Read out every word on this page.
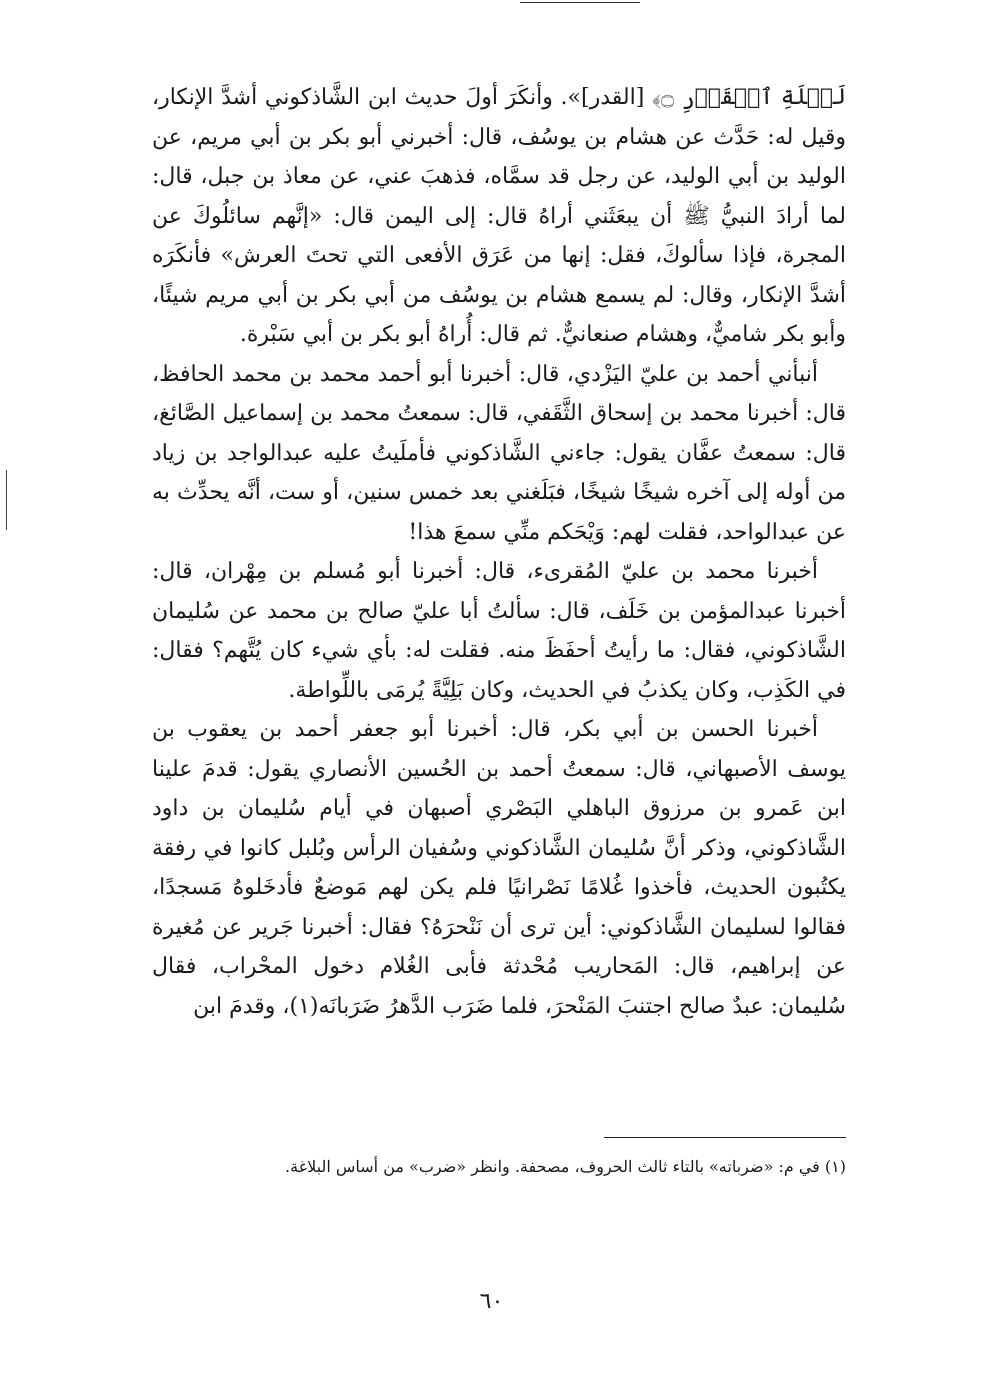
لَيۡلَةِ ٱلۡقَدۡرِ ۝﴾ [القدر]». وأنكَرَ أولَ حديث ابن الشَّاذكوني أشدَّ الإنكار، وقيل له: حَدَّث عن هشام بن يوسُف، قال: أخبرني أبو بكر بن أبي مريم، عن الوليد بن أبي الوليد، عن رجل قد سمَّاه، فذهبَ عني، عن معاذ بن جبل، قال: لما أرادَ النبيُّ ﷺ أن يبعَثَني أراهُ قال: إلى اليمن قال: «إنَّهم سائلُوكَ عن المجرة، فإذا سألوكَ، فقل: إنها من عَرَق الأفعى التي تحتَ العرش» فأنكَرَه أشدَّ الإنكار، وقال: لم يسمع هشام بن يوسُف من أبي بكر بن أبي مريم شيئًا، وأبو بكر شاميٌّ، وهشام صنعانيٌّ. ثم قال: أُراهُ أبو بكر بن أبي سَبْرة.

أنبأني أحمد بن عليّ اليَزْدي، قال: أخبرنا أبو أحمد محمد بن محمد الحافظ، قال: أخبرنا محمد بن إسحاق الثَّقَفي، قال: سمعتُ محمد بن إسماعيل الصَّائغ، قال: سمعتُ عفَّان يقول: جاءني الشَّاذكوني فأملَيتُ عليه عبدالواجد بن زياد من أوله إلى آخره شيخًا شيخًا، فبَلَغني بعد خمس سنين، أو ست، أنَّه يحدِّث به عن عبدالواحد، فقلت لهم: وَيْحَكم منِّي سمعَ هذا!

أخبرنا محمد بن عليّ المُقرىء، قال: أخبرنا أبو مُسلم بن مِهْران، قال: أخبرنا عبدالمؤمن بن خَلَف، قال: سألتُ أبا عليّ صالح بن محمد عن سُليمان الشَّاذكوني، فقال: ما رأيتُ أحفَظَ منه. فقلت له: بأي شيء كان يُتَّهم؟ فقال: في الكَذِب، وكان يكذبُ في الحديث، وكان بَلِيَّةً يُرمَى باللِّواطة.

أخبرنا الحسن بن أبي بكر، قال: أخبرنا أبو جعفر أحمد بن يعقوب بن يوسف الأصبهاني، قال: سمعتُ أحمد بن الحُسين الأنصاري يقول: قدمَ علينا ابن عَمرو بن مرزوق الباهلي البَصْري أصبهان في أيام سُليمان بن داود الشَّاذكوني، وذكر أنَّ سُليمان الشَّاذكوني وسُفيان الرأس وبُلبل كانوا في رفقة يكتُبون الحديث، فأخذوا غُلامًا نَصْرانيًا فلم يكن لهم مَوضعٌ فأدخَلوهُ مَسجدًا، فقالوا لسليمان الشَّاذكوني: أين ترى أن نَنْحرَهُ؟ فقال: أخبرنا جَرير عن مُغيرة عن إبراهيم، قال: المَحاريب مُحْدثة فأبى الغُلام دخول المحْراب، فقال سُليمان: عبدٌ صالح اجتنبَ المَنْحرَ، فلما ضَرَب الدَّهرُ ضَرَبانَه(١)، وقدمَ ابن

(١) في م: «ضرباته» بالتاء ثالث الحروف، مصحفة. وانظر «ضرب» من أساس البلاغة.
٦٠
